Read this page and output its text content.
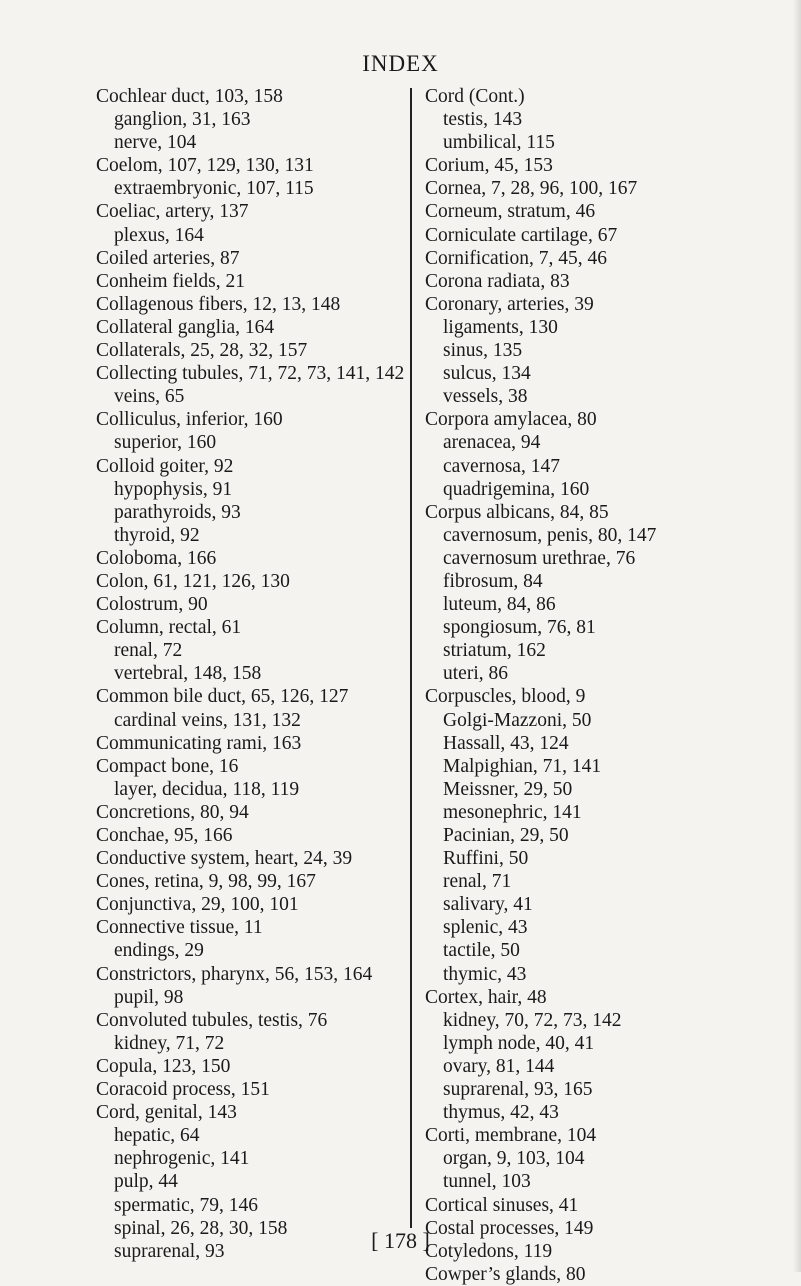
INDEX
Cochlear duct, 103, 158
ganglion, 31, 163
nerve, 104
Coelom, 107, 129, 130, 131
extraembryonic, 107, 115
Coeliac, artery, 137
plexus, 164
Coiled arteries, 87
Conheim fields, 21
Collagenous fibers, 12, 13, 148
Collateral ganglia, 164
Collaterals, 25, 28, 32, 157
Collecting tubules, 71, 72, 73, 141, 142
veins, 65
Colliculus, inferior, 160
superior, 160
Colloid goiter, 92
hypophysis, 91
parathyroids, 93
thyroid, 92
Coloboma, 166
Colon, 61, 121, 126, 130
Colostrum, 90
Column, rectal, 61
renal, 72
vertebral, 148, 158
Common bile duct, 65, 126, 127
cardinal veins, 131, 132
Communicating rami, 163
Compact bone, 16
layer, decidua, 118, 119
Concretions, 80, 94
Conchae, 95, 166
Conductive system, heart, 24, 39
Cones, retina, 9, 98, 99, 167
Conjunctiva, 29, 100, 101
Connective tissue, 11
endings, 29
Constrictors, pharynx, 56, 153, 164
pupil, 98
Convoluted tubules, testis, 76
kidney, 71, 72
Copula, 123, 150
Coracoid process, 151
Cord, genital, 143
hepatic, 64
nephrogenic, 141
pulp, 44
spermatic, 79, 146
spinal, 26, 28, 30, 158
suprarenal, 93
Cord (Cont.)
testis, 143
umbilical, 115
Corium, 45, 153
Cornea, 7, 28, 96, 100, 167
Corneum, stratum, 46
Corniculate cartilage, 67
Cornification, 7, 45, 46
Corona radiata, 83
Coronary, arteries, 39
ligaments, 130
sinus, 135
sulcus, 134
vessels, 38
Corpora amylacea, 80
arenacea, 94
cavernosa, 147
quadrigemina, 160
Corpus albicans, 84, 85
cavernosum, penis, 80, 147
cavernosum urethrae, 76
fibrosum, 84
luteum, 84, 86
spongiosum, 76, 81
striatum, 162
uteri, 86
Corpuscles, blood, 9
Golgi-Mazzoni, 50
Hassall, 43, 124
Malpighian, 71, 141
Meissner, 29, 50
mesonephric, 141
Pacinian, 29, 50
Ruffini, 50
renal, 71
salivary, 41
splenic, 43
tactile, 50
thymic, 43
Cortex, hair, 48
kidney, 70, 72, 73, 142
lymph node, 40, 41
ovary, 81, 144
suprarenal, 93, 165
thymus, 42, 43
Corti, membrane, 104
organ, 9, 103, 104
tunnel, 103
Cortical sinuses, 41
Costal processes, 149
Cotyledons, 119
Cowper’s glands, 80
[ 178 ]
